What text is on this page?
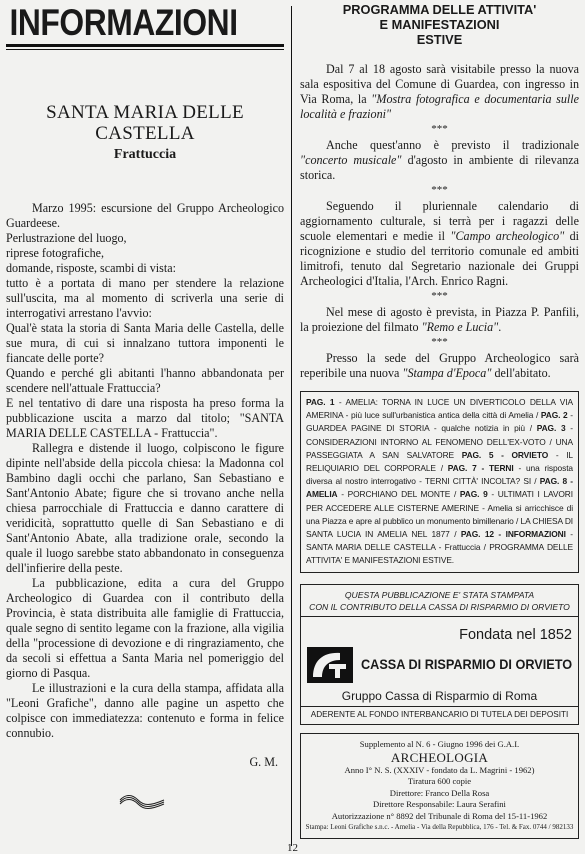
INFORMAZIONI
SANTA MARIA DELLE
CASTELLA
Frattuccia

Marzo 1995: escursione del Gruppo Archeologico Guardeese.

Perlustrazione del luogo,

riprese fotografiche,

domande, risposte, scambi di vista:

tutto è a portata di mano per stendere la relazione sull'uscita, ma al momento di scriverla una serie di interrogativi arrestano l'avvio:

Qual'è stata la storia di Santa Maria delle Castella, delle sue mura, di cui si innalzano tuttora imponenti le fiancate delle porte?

Quando e perché gli abitanti l'hanno abbandonata per scendere nell'attuale Frattuccia?

E nel tentativo di dare una risposta ha preso forma la pubblicazione uscita a marzo dal titolo; "SANTA MARIA DELLE CASTELLA - Frattuccia".

Rallegra e distende il luogo, colpiscono le figure dipinte nell'abside della piccola chiesa: la Madonna col Bambino dagli occhi che parlano, San Sebastiano e Sant'Antonio Abate; figure che si trovano anche nella chiesa parrocchiale di Frattuccia e danno carattere di veridicità, soprattutto quelle di San Sebastiano e di Sant'Antonio Abate, alla tradizione orale, secondo la quale il luogo sarebbe stato abbandonato in conseguenza dell'infierire della peste.

La pubblicazione, edita a cura del Gruppo Archeologico di Guardea con il contributo della Provincia, è stata distribuita alle famiglie di Frattuccia, quale segno di sentito legame con la frazione, alla vigilia della "processione di devozione e di ringraziamento, che da secoli si effettua a Santa Maria nel pomeriggio del giorno di Pasqua.

Le illustrazioni e la cura della stampa, affidata alla "Leoni Grafiche", danno alle pagine un aspetto che colpisce con immediatezza: contenuto e forma in felice connubio.

G. M.
PROGRAMMA DELLE ATTIVITA'
E MANIFESTAZIONI
ESTIVE

Dal 7 al 18 agosto sarà visitabile presso la nuova sala espositiva del Comune di Guardea, con ingresso in Via Roma, la "Mostra fotografica e documentaria sulle località e frazioni"

***

Anche quest'anno è previsto il tradizionale "concerto musicale" d'agosto in ambiente di rilevanza storica.

***

Seguendo il pluriennale calendario di aggiornamento culturale, si terrà per i ragazzi delle scuole elementari e medie il "Campo archeologico" di ricognizione e studio del territorio comunale ed ambiti limitrofi, tenuto dal Segretario nazionale dei Gruppi Archeologici d'Italia, l'Arch. Enrico Ragni.

***

Nel mese di agosto è prevista, in Piazza P. Panfili, la proiezione del filmato "Remo e Lucia".

***

Presso la sede del Gruppo Archeologico sarà reperibile una nuova "Stampa d'Epoca" dell'abitato.

PAG. 1 - AMELIA: TORNA IN LUCE UN DIVERTICOLO DELLA VIA AMERINA - più luce sull'urbanistica antica della città di Amelia / PAG. 2 - GUARDEA PAGINE DI STORIA - qualche notizia in più / PAG. 3 - CONSIDERAZIONI INTORNO AL FENOMENO DELL'EX-VOTO / UNA PASSEGGIATA A SAN SALVATORE PAG. 5 - ORVIETO - IL RELIQUIARIO DEL CORPORALE / PAG. 7 - TERNI - una risposta diversa al nostro interrogativo - TERNI CITTÀ' INCOLTA? SI / PAG. 8 - AMELIA - PORCHIANO DEL MONTE / PAG. 9 - ULTIMATI I LAVORI PER ACCEDERE ALLE CISTERNE AMERINE - Amelia si arricchisce di una Piazza e apre al pubblico un monumento bimillenario / LA CHIESA DI SANTA LUCIA IN AMELIA NEL 1877 / PAG. 12 - INFORMAZIONI - SANTA MARIA DELLE CASTELLA - Frattuccia / PROGRAMMA DELLE ATTIVITA' E MANIFESTAZIONI ESTIVE.
QUESTA PUBBLICAZIONE E' STATA STAMPATA
CON IL CONTRIBUTO DELLA CASSA DI RISPARMIO DI ORVIETO
Fondata nel 1852
CASSA DI RISPARMIO DI ORVIETO
Gruppo Cassa di Risparmio di Roma
ADERENTE AL FONDO INTERBANCARIO DI TUTELA DEI DEPOSITI
Supplemento al N. 6 - Giugno 1996 dei G.A.I.
ARCHEOLOGIA
Anno I° N. S. (XXXIV - fondato da L. Magrini - 1962)
Tiratura 600 copie
Direttore: Franco Della Rosa
Direttore Responsabile: Laura Serafini
Autorizzazione n° 8892 del Tribunale di Roma del 15-11-1962
Stampa: Leoni Grafiche s.n.c. - Amelia - Via della Repubblica, 176 - Tel. & Fax. 0744 / 982133
12
